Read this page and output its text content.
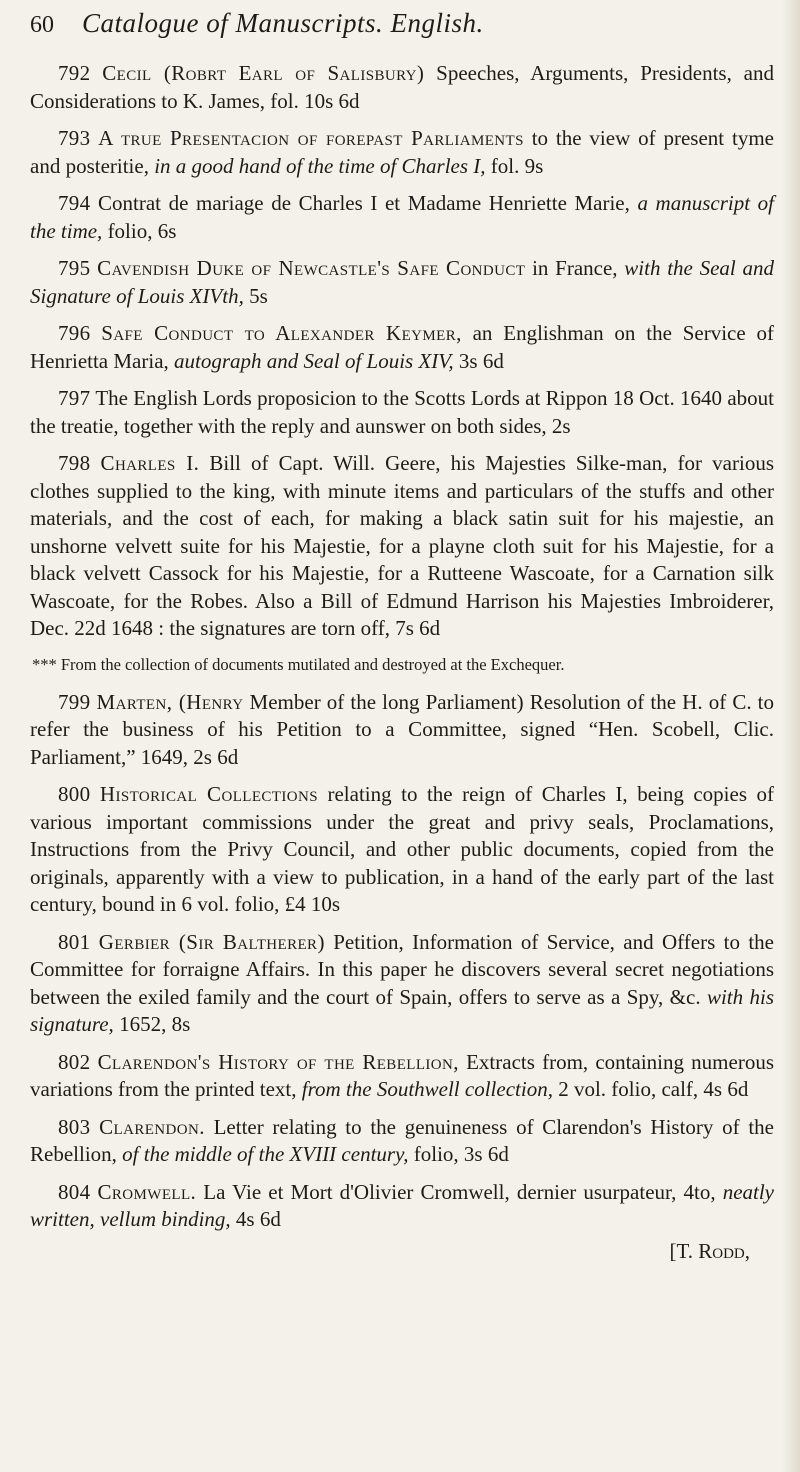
60	Catalogue of Manuscripts. English.

792 Cecil (Robrt Earl of Salisbury) Speeches, Arguments, Presidents, and Considerations to K. James, fol. 10s 6d

793 A truе Presentacion of forepast Parliaments to the view of present tyme and posteritie, in a good hand of the time of Charles I, fol. 9s

794 Contrat de mariage de Charles I et Madame Henriette Marie, a manuscript of the time, folio, 6s

795 Cavendish Duke of Newcastle's Safe Conduct in France, with the Seal and Signature of Louis XIVth, 5s

796 Safe Conduct to Alexander Keymer, an Englishman on the Service of Henrietta Maria, autograph and Seal of Louis XIV, 3s 6d

797 The English Lords proposicion to the Scotts Lords at Rippon 18 Oct. 1640 about the treatie, together with the reply and aunswer on both sides, 2s

798 Charles I. Bill of Capt. Will. Geere, his Majesties Silke-man, for various clothes supplied to the king, with minute items and particulars of the stuffs and other materials, and the cost of each, for making a black satin suit for his majestie, an unshorne velvett suite for his Majestie, for a playne cloth suit for his Majestie, for a black velvett Cassock for his Majestie, for a Rutteene Wascoate, for a Carnation silk Wascoate, for the Robes. Also a Bill of Edmund Harrison his Majesties Imbroiderer, Dec. 22d 1648 : the signatures are torn off, 7s 6d

*** From the collection of documents mutilated and destroyed at the Exchequer.

799 Marten, (Henry Member of the long Parliament) Resolution of the H. of C. to refer the business of his Petition to a Committee, signed “Hen. Scobell, Clic. Parliament,” 1649, 2s 6d

800 Historical Collections relating to the reign of Charles I, being copies of various important commissions under the great and privy seals, Proclamations, Instructions from the Privy Council, and other public documents, copied from the originals, apparently with a view to publication, in a hand of the early part of the last century, bound in 6 vol. folio, £4 10s

801 Gerbier (Sir Baltherer) Petition, Information of Service, and Offers to the Committee for forraigne Affairs. In this paper he discovers several secret negotiations between the exiled family and the court of Spain, offers to serve as a Spy, &c. with his signature, 1652, 8s

802 Clarendon's History of the Rebellion, Extracts from, containing numerous variations from the printed text, from the Southwell collection, 2 vol. folio, calf, 4s 6d

803 Clarendon. Letter relating to the genuineness of Clarendon's History of the Rebellion, of the middle of the XVIII century, folio, 3s 6d

804 Cromwell. La Vie et Mort d'Olivier Cromwell, dernier usurpateur, 4to, neatly written, vellum binding, 4s 6d

[T. Rodd,
